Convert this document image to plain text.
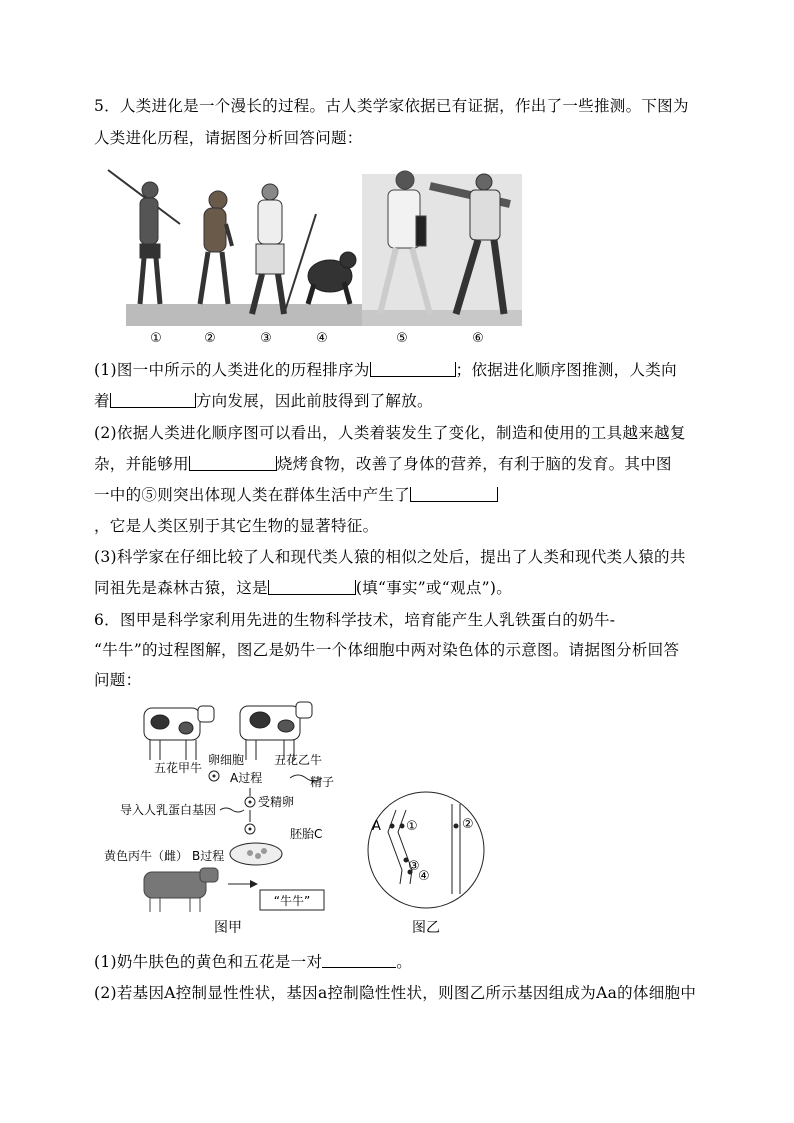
5．人类进化是一个漫长的过程。古人类学家依据已有证据，作出了一些推测。下图为
人类进化历程，请据图分析回答问题：
①	②	③	④	⑤	⑥
(1)图一中所示的人类进化的历程排序为	；依据进化顺序图推测，人类向
着	方向发展，因此前肢得到了解放。
(2)依据人类进化顺序图可以看出，人类着装发生了变化，制造和使用的工具越来越复
杂，并能够用	烧烤食物，改善了身体的营养，有利于脑的发育。其中图
一中的⑤则突出体现人类在群体生活中产生了
，它是人类区别于其它生物的显著特征。
(3)科学家在仔细比较了人和现代类人猿的相似之处后，提出了人类和现代类人猿的共
同祖先是森林古猿，这是	(填“事实”或“观点”)。
6．图甲是科学家利用先进的生物科学技术，培育能产生人乳铁蛋白的奶牛-
“牛牛”的过程图解，图乙是奶牛一个体细胞中两对染色体的示意图。请据图分析回答
问题：
五花甲牛
卵细胞 五花乙牛
A过程	精子
受精卵
导入人乳蛋白基因
胚胎C
黄色丙牛（雌） B过程
“牛牛”
图甲
A ①	②
③
④
图乙
(1)奶牛肤色的黄色和五花是一对	。
(2)若基因A控制显性性状，基因a控制隐性性状，则图乙所示基因组成为Aa的体细胞中
